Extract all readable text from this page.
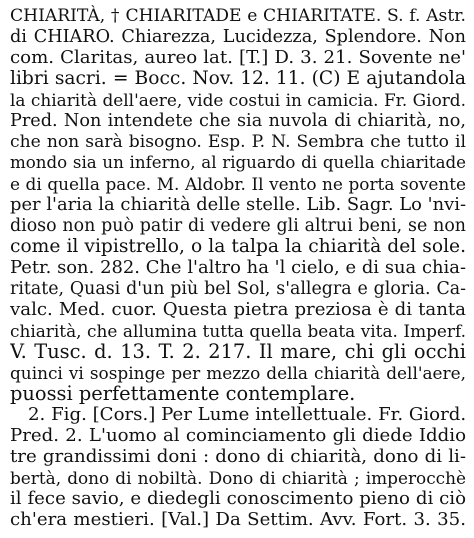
CHIARITÀ, † CHIARITADE e CHIARITATE. S. f. Astr.
di CHIARO. Chiarezza, Lucidezza, Splendore. Non
com. Claritas, aureo lat. [T.] D. 3. 21. Sovente ne'
libri sacri. = Bocc. Nov. 12. 11. (C) E ajutandola
la chiarità dell'aere, vide costui in camicia. Fr. Giord.
Pred. Non intendete che sia nuvola di chiarità, no,
che non sarà bisogno. Esp. P. N. Sembra che tutto il
mondo sia un inferno, al riguardo di quella chiaritade
e di quella pace. M. Aldobr. Il vento ne porta sovente
per l'aria la chiarità delle stelle. Lib. Sagr. Lo 'nvi-
dioso non può patir di vedere gli altrui beni, se non
come il vipistrello, o la talpa la chiarità del sole.
Petr. son. 282. Che l'altro ha 'l cielo, e di sua chia-
ritate, Quasi d'un più bel Sol, s'allegra e gloria. Ca-
valc. Med. cuor. Questa pietra preziosa è di tanta
chiarità, che allumina tutta quella beata vita. Imperf.
V. Tusc. d. 13. T. 2. 217. Il mare, chi gli occhi
quinci vi sospinge per mezzo della chiarità dell'aere,
puossi perfettamente contemplare.
2. Fig. [Cors.] Per Lume intellettuale. Fr. Giord.
Pred. 2. L'uomo al cominciamento gli diede Iddio
tre grandissimi doni : dono di chiarità, dono di li-
bertà, dono di nobiltà. Dono di chiarità ; imperocchè
il fece savio, e diedegli conoscimento pieno di ciò
ch'era mestieri. [Val.] Da Settim. Avv. Fort. 3. 35.
